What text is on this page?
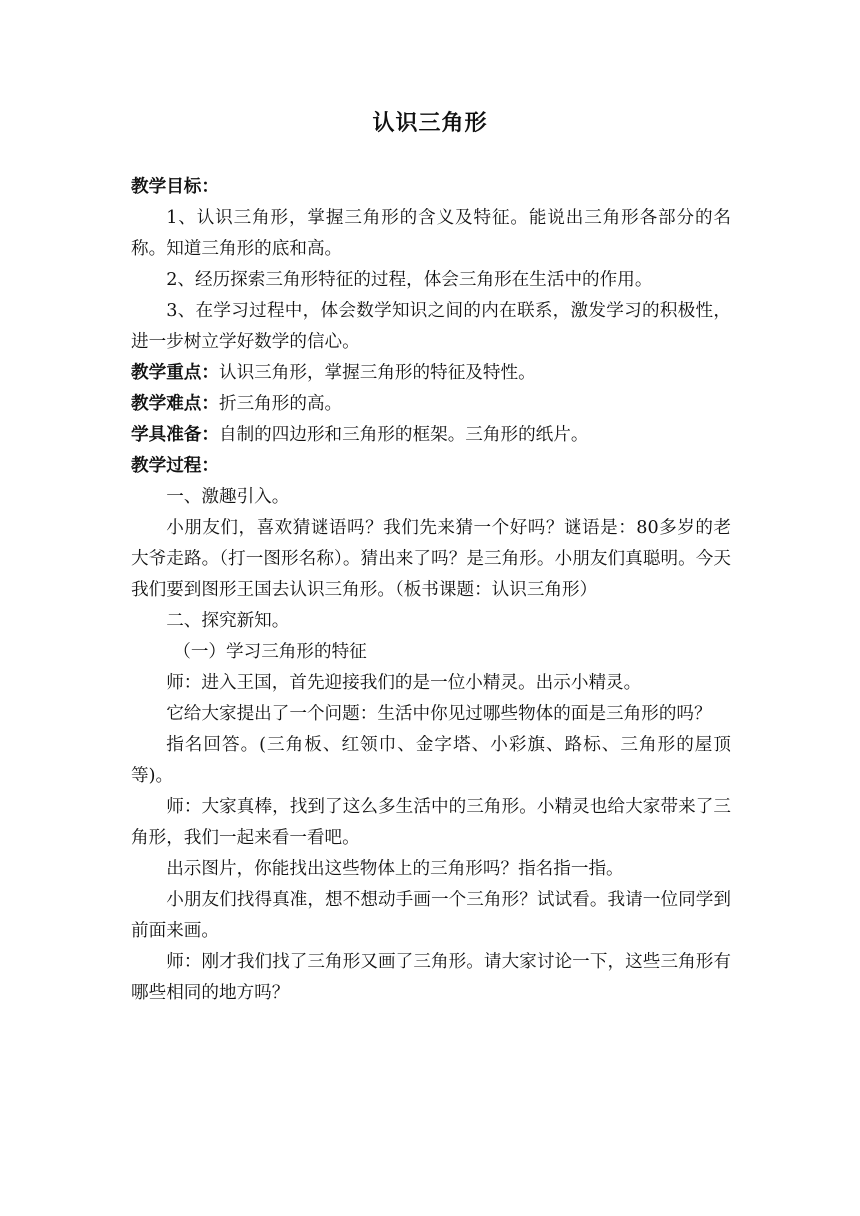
认识三角形

教学目标：

1、认识三角形，掌握三角形的含义及特征。能说出三角形各部分的名称。知道三角形的底和高。

2、经历探索三角形特征的过程，体会三角形在生活中的作用。

3、在学习过程中，体会数学知识之间的内在联系，激发学习的积极性，进一步树立学好数学的信心。

教学重点：认识三角形，掌握三角形的特征及特性。

教学难点：折三角形的高。

学具准备：自制的四边形和三角形的框架。三角形的纸片。

教学过程：

一、激趣引入。

小朋友们，喜欢猜谜语吗？我们先来猜一个好吗？谜语是：80多岁的老大爷走路。（打一图形名称）。猜出来了吗？是三角形。小朋友们真聪明。今天我们要到图形王国去认识三角形。（板书课题：认识三角形）

二、探究新知。

（一）学习三角形的特征

师：进入王国，首先迎接我们的是一位小精灵。出示小精灵。

它给大家提出了一个问题：生活中你见过哪些物体的面是三角形的吗？

指名回答。(三角板、红领巾、金字塔、小彩旗、路标、三角形的屋顶等)。

师：大家真棒，找到了这么多生活中的三角形。小精灵也给大家带来了三角形，我们一起来看一看吧。

出示图片，你能找出这些物体上的三角形吗？指名指一指。

小朋友们找得真准，想不想动手画一个三角形？试试看。我请一位同学到前面来画。

师：刚才我们找了三角形又画了三角形。请大家讨论一下，这些三角形有哪些相同的地方吗？
